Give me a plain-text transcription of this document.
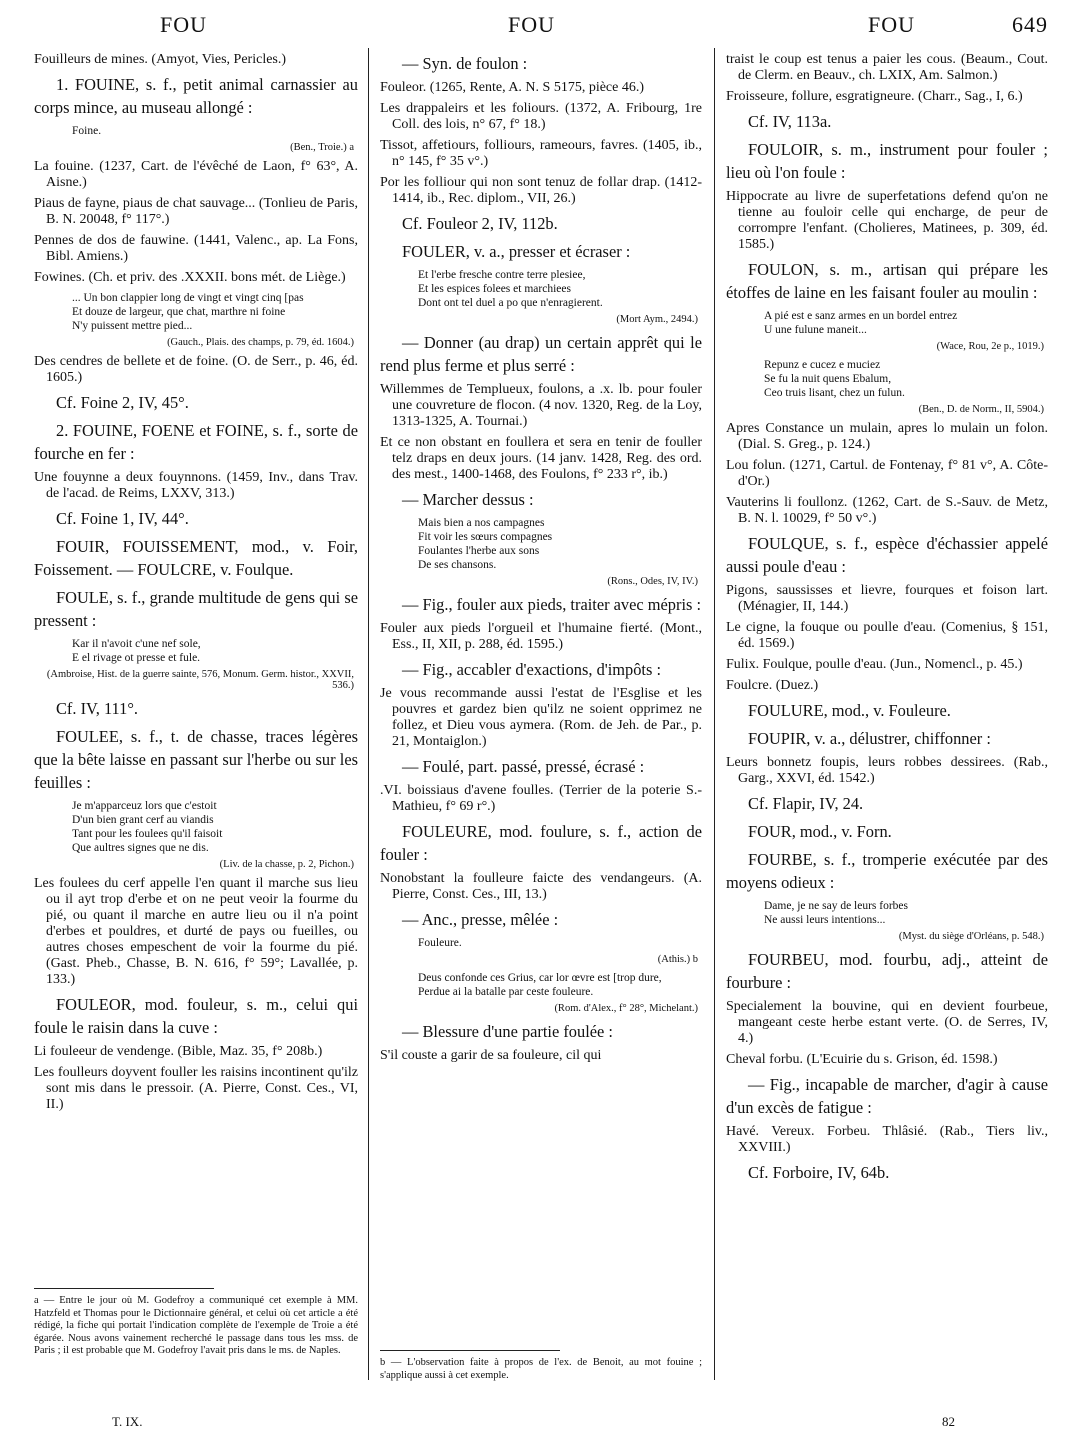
FOU	FOU	FOU	649

Fouilleurs de mines. (Amyot, Vies, Pericles.)

1. FOUINE, s. f., petit animal carnassier au corps mince, au museau allongé :

Foine.
(Ben., Troie.) a

La fouine. (1237, Cart. de l'évêché de Laon, f° 63°, A. Aisne.)

Piaus de fayne, piaus de chat sauvage... (Tonlieu de Paris, B. N. 20048, f° 117°.)

Pennes de dos de fauwine. (1441, Valenc., ap. La Fons, Bibl. Amiens.)

Fowines. (Ch. et priv. des .XXXII. bons mét. de Liège.)

... Un bon clappier long de vingt et vingt cinq [pas
Et douze de largeur, que chat, marthre ni foine
N'y puissent mettre pied...
(Gauch., Plais. des champs, p. 79, éd. 1604.)

Des cendres de bellete et de foine. (O. de Serr., p. 46, éd. 1605.)

Cf. Foine 2, IV, 45°.

2. FOUINE, FOENE et FOINE, s. f., sorte de fourche en fer :

Une fouynne a deux fouynnons. (1459, Inv., dans Trav. de l'acad. de Reims, LXXV, 313.)

Cf. Foine 1, IV, 44°.

FOUIR, FOUISSEMENT, mod., v. Foir, Foissement. — FOULCRE, v. Foulque.

FOULE, s. f., grande multitude de gens qui se pressent :

Kar il n'avoit c'une nef sole,
E el rivage ot presse et fule.
(Ambroise, Hist. de la guerre sainte, 576, Monum. Germ. histor., XXVII, 536.)

Cf. IV, 111°.

FOULEE, s. f., t. de chasse, traces légères que la bête laisse en passant sur l'herbe ou sur les feuilles :

Je m'apparceuz lors que c'estoit
D'un bien grant cerf au viandis
Tant pour les foulees qu'il faisoit
Que aultres signes que ne dis.
(Liv. de la chasse, p. 2, Pichon.)

Les foulees du cerf appelle l'en quant il marche sus lieu ou il ayt trop d'erbe et on ne peut veoir la fourme du pié, ou quant il marche en autre lieu ou il n'a point d'erbes et pouldres, et durté de pays ou fueilles, ou autres choses empeschent de voir la fourme du pié. (Gast. Pheb., Chasse, B. N. 616, f° 59°; Lavallée, p. 133.)

FOULEOR, mod. fouleur, s. m., celui qui foule le raisin dans la cuve :

Li fouleeur de vendenge. (Bible, Maz. 35, f° 208b.)

Les foulleurs doyvent fouller les raisins incontinent qu'ilz sont mis dans le pressoir. (A. Pierre, Const. Ces., VI, II.)

— Syn. de foulon :

Fouleor. (1265, Rente, A. N. S 5175, pièce 46.)

Les drappaleirs et les foliours. (1372, A. Fribourg, 1re Coll. des lois, n° 67, f° 18.)

Tissot, affetiours, folliours, rameours, favres. (1405, ib., n° 145, f° 35 v°.)

Por les folliour qui non sont tenuz de follar drap. (1412-1414, ib., Rec. diplom., VII, 26.)

Cf. Fouleor 2, IV, 112b.

FOULER, v. a., presser et écraser :

Et l'erbe fresche contre terre plesiee,
Et les espices folees et marchiees
Dont ont tel duel a po que n'enragierent.
(Mort Aym., 2494.)

— Donner (au drap) un certain apprêt qui le rend plus ferme et plus serré :

Willemmes de Templueux, foulons, a .x. lb. pour fouler une couvreture de flocon. (4 nov. 1320, Reg. de la Loy, 1313-1325, A. Tournai.)

Et ce non obstant en foullera et sera en tenir de fouller telz draps en deux jours. (14 janv. 1428, Reg. des ord. des mest., 1400-1468, des Foulons, f° 233 r°, ib.)

— Marcher dessus :

Mais bien a nos campagnes
Fit voir les sœurs compagnes
Foulantes l'herbe aux sons
De ses chansons.
(Rons., Odes, IV, IV.)

— Fig., fouler aux pieds, traiter avec mépris :

Fouler aux pieds l'orgueil et l'humaine fierté. (Mont., Ess., II, XII, p. 288, éd. 1595.)

— Fig., accabler d'exactions, d'impôts :

Je vous recommande aussi l'estat de l'Esglise et les pouvres et gardez bien qu'ilz ne soient opprimez ne follez, et Dieu vous aymera. (Rom. de Jeh. de Par., p. 21, Montaiglon.)

— Foulé, part. passé, pressé, écrasé :

.VI. boissiaus d'avene foulles. (Terrier de la poterie S.-Mathieu, f° 69 r°.)

FOULEURE, mod. foulure, s. f., action de fouler :

Nonobstant la foulleure faicte des vendangeurs. (A. Pierre, Const. Ces., III, 13.)

— Anc., presse, mêlée :

Fouleure.
(Athis.) b
Deus confonde ces Grius, car lor œvre est [trop dure,
Perdue ai la batalle par ceste fouleure.
(Rom. d'Alex., f° 28°, Michelant.)

— Blessure d'une partie foulée :

S'il couste a garir de sa fouleure, cil qui

traist le coup est tenus a paier les cous. (Beaum., Cout. de Clerm. en Beauv., ch. LXIX, Am. Salmon.)

Froisseure, follure, esgratigneure. (Charr., Sag., I, 6.)

Cf. IV, 113a.

FOULOIR, s. m., instrument pour fouler ; lieu où l'on foule :

Hippocrate au livre de superfetations defend qu'on ne tienne au fouloir celle qui encharge, de peur de corrompre l'enfant. (Cholieres, Matinees, p. 309, éd. 1585.)

FOULON, s. m., artisan qui prépare les étoffes de laine en les faisant fouler au moulin :

A pié est e sanz armes en un bordel entrez
U une fulune maneit...
(Wace, Rou, 2e p., 1019.)
Repunz e cucez e muciez
Se fu la nuit quens Ebalum,
Ceo truis lisant, chez un fulun.
(Ben., D. de Norm., II, 5904.)

Apres Constance un mulain, apres lo mulain un folon. (Dial. S. Greg., p. 124.)

Lou folun. (1271, Cartul. de Fontenay, f° 81 v°, A. Côte-d'Or.)

Vauterins li foullonz. (1262, Cart. de S.-Sauv. de Metz, B. N. l. 10029, f° 50 v°.)

FOULQUE, s. f., espèce d'échassier appelé aussi poule d'eau :

Pigons, saussisses et lievre, fourques et foison lart. (Ménagier, II, 144.)

Le cigne, la fouque ou poulle d'eau. (Comenius, § 151, éd. 1569.)

Fulix. Foulque, poulle d'eau. (Jun., Nomencl., p. 45.)

Foulcre. (Duez.)

FOULURE, mod., v. Fouleure.

FOUPIR, v. a., délustrer, chiffonner :

Leurs bonnetz foupis, leurs robbes dessirees. (Rab., Garg., XXVI, éd. 1542.)

Cf. Flapir, IV, 24.

FOUR, mod., v. Forn.

FOURBE, s. f., tromperie exécutée par des moyens odieux :

Dame, je ne say de leurs forbes
Ne aussi leurs intentions...
(Myst. du siège d'Orléans, p. 548.)

FOURBEU, mod. fourbu, adj., atteint de fourbure :

Specialement la bouvine, qui en devient fourbeue, mangeant ceste herbe estant verte. (O. de Serres, IV, 4.)

Cheval forbu. (L'Ecuirie du s. Grison, éd. 1598.)

— Fig., incapable de marcher, d'agir à cause d'un excès de fatigue :

Havé. Vereux. Forbeu. Thlâsié. (Rab., Tiers liv., XXVIII.)

Cf. Forboire, IV, 64b.

a — Entre le jour où M. Godefroy a communiqué cet exemple à MM. Hatzfeld et Thomas pour le Dictionnaire général, et celui où cet article a été rédigé, la fiche qui portait l'indication complète de l'exemple de Troie a été égarée. Nous avons vainement recherché le passage dans tous les mss. de Paris ; il est probable que M. Godefroy l'avait pris dans le ms. de Naples.

b — L'observation faite à propos de l'ex. de Benoit, au mot fouine ; s'applique aussi à cet exemple.

T. IX.	82
